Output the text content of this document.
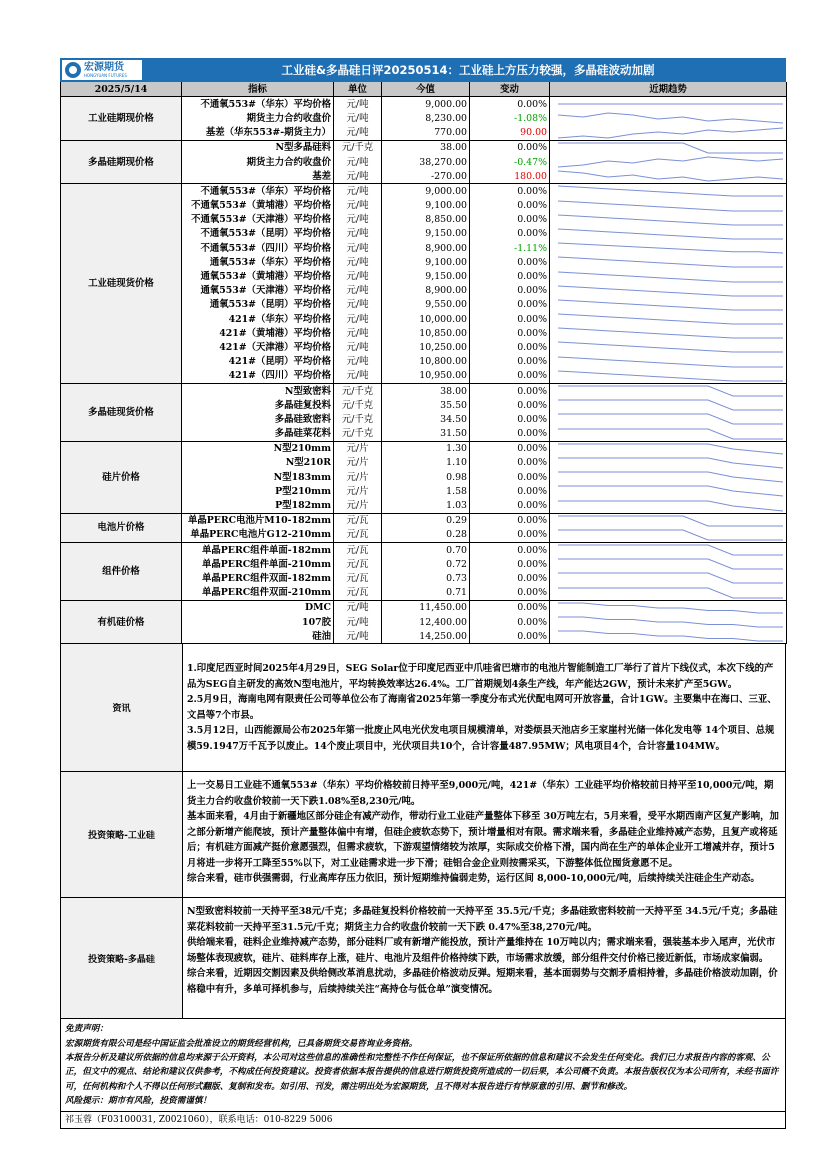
宏源期货
HONGYUAN FUTURES	工业硅&多晶硅日评20250514：工业硅上方压力较强，多晶硅波动加剧
2025/5/14	指标	单位	今值	变动	近期趋势
工业硅期现价格	不通氧553#（华东）平均价格	元/吨	9,000.00	0.00%	

	期货主力合约收盘价	元/吨	8,230.00	-1.08%	

	基差（华东553#-期货主力）	元/吨	770.00	90.00	

多晶硅期现价格	N型多晶硅料	元/千克	38.00	0.00%	

	期货主力合约收盘价	元/吨	38,270.00	-0.47%	

	基差	元/吨	-270.00	180.00	

工业硅现货价格	不通氧553#（华东）平均价格	元/吨	9,000.00	0.00%	

	不通氧553#（黄埔港）平均价格	元/吨	9,100.00	0.00%	

	不通氧553#（天津港）平均价格	元/吨	8,850.00	0.00%	

	不通氧553#（昆明）平均价格	元/吨	9,150.00	0.00%	

	不通氧553#（四川）平均价格	元/吨	8,900.00	-1.11%	

	通氧553#（华东）平均价格	元/吨	9,100.00	0.00%	

	通氧553#（黄埔港）平均价格	元/吨	9,150.00	0.00%	

	通氧553#（天津港）平均价格	元/吨	8,900.00	0.00%	

	通氧553#（昆明）平均价格	元/吨	9,550.00	0.00%	

	421#（华东）平均价格	元/吨	10,000.00	0.00%	

	421#（黄埔港）平均价格	元/吨	10,850.00	0.00%	

	421#（天津港）平均价格	元/吨	10,250.00	0.00%	

	421#（昆明）平均价格	元/吨	10,800.00	0.00%	

	421#（四川）平均价格	元/吨	10,950.00	0.00%	

多晶硅现货价格	N型致密料	元/千克	38.00	0.00%	

	多晶硅复投料	元/千克	35.50	0.00%	

	多晶硅致密料	元/千克	34.50	0.00%	

	多晶硅菜花料	元/千克	31.50	0.00%	

硅片价格	N型210mm	元/片	1.30	0.00%	

	N型210R	元/片	1.10	0.00%	

	N型183mm	元/片	0.98	0.00%	

	P型210mm	元/片	1.58	0.00%	

	P型182mm	元/片	1.03	0.00%	

电池片价格	单晶PERC电池片M10-182mm	元/瓦	0.29	0.00%	

	单晶PERC电池片G12-210mm	元/瓦	0.28	0.00%	

组件价格	单晶PERC组件单面-182mm	元/瓦	0.70	0.00%	

	单晶PERC组件单面-210mm	元/瓦	0.72	0.00%	

	单晶PERC组件双面-182mm	元/瓦	0.73	0.00%	

	单晶PERC组件双面-210mm	元/瓦	0.71	0.00%	

有机硅价格	DMC	元/吨	11,450.00	0.00%	

	107胶	元/吨	12,400.00	0.00%	

	硅油	元/吨	14,250.00	0.00%	
资讯

1.印度尼西亚时间2025年4月29日，SEG Solar位于印度尼西亚中爪哇省巴塘市的电池片智能制造工厂举行了首片下线仪式，本次下线的产品为SEG自主研发的高效N型电池片，平均转换效率达26.4%。工厂首期规划4条生产线，年产能达2GW，预计未来扩产至5GW。

2.5月9日，海南电网有限责任公司等单位公布了海南省2025年第一季度分布式光伏配电网可开放容量，合计1GW。主要集中在海口、三亚、文昌等7个市县。

3.5月12日，山西能源局公布2025年第一批废止风电光伏发电项目规模清单，对娄烦县天池店乡王家崖村光储一体化发电等 14个项目、总规模59.1947万千瓦予以废止。14个废止项目中，光伏项目共10个，合计容量487.95MW；风电项目4个，合计容量104MW。

投资策略-工业硅

上一交易日工业硅不通氧553#（华东）平均价格较前日持平至9,000元/吨，421#（华东）工业硅平均价格较前日持平至10,000元/吨，期货主力合约收盘价较前一天下跌1.08%至8,230元/吨。

基本面来看，4月由于新疆地区部分硅企有减产动作，带动行业工业硅产量整体下移至 30万吨左右，5月来看，受平水期西南产区复产影响，加之部分新增产能爬坡，预计产量整体偏中有增，但硅企疲软态势下，预计增量相对有限。需求端来看，多晶硅企业维持减产态势，且复产或将延后；有机硅方面减产挺价意愿强烈，但需求疲软，下游观望情绪较为浓厚，实际成交价格下滑，国内尚在生产的单体企业开工增减并存，预计5月将进一步将开工降至55%以下，对工业硅需求进一步下滑；硅铝合金企业则按需采买，下游整体低位囤货意愿不足。

综合来看，硅市供强需弱，行业高库存压力依旧，预计短期维持偏弱走势，运行区间 8,000-10,000元/吨，后续持续关注硅企生产动态。

投资策略-多晶硅

N型致密料较前一天持平至38元/千克；多晶硅复投料价格较前一天持平至 35.5元/千克；多晶硅致密料较前一天持平至 34.5元/千克；多晶硅菜花料较前一天持平至31.5元/千克；期货主力合约收盘价较前一天下跌 0.47%至38,270元/吨。

供给端来看，硅料企业维持减产态势，部分硅料厂或有新增产能投放，预计产量维持在 10万吨以内；需求端来看，强装基本步入尾声，光伏市场整体表现疲软，硅片、硅料库存上涨，硅片、电池片及组件价格持续下跌，市场需求放缓，部分组件交付价格已接近新低，市场成家偏弱。

综合来看，近期因交割因素及供给侧改革消息扰动，多晶硅价格波动反弹。短期来看，基本面弱势与交割矛盾相持着，多晶硅价格波动加剧，价格稳中有升，多单可择机参与，后续持续关注“高持仓与低仓单”演变情况。

免责声明：
宏源期货有限公司是经中国证监会批准设立的期货经营机构，已具备期货交易咨询业务资格。
本报告分析及建议所依据的信息均来源于公开资料，本公司对这些信息的准确性和完整性不作任何保证，也不保证所依据的信息和建议不会发生任何变化。我们已力求报告内容的客观、公正，但文中的观点、结论和建议仅供参考，不构成任何投资建议。投资者依据本报告提供的信息进行期货投资所造成的一切后果，本公司概不负责。本报告版权仅为本公司所有，未经书面许可，任何机构和个人不得以任何形式翻版、复制和发布。如引用、刊发，需注明出处为宏源期货，且不得对本报告进行有悖原意的引用、删节和修改。
风险提示：期市有风险，投资需谨慎！
祁玉蓉（F03100031, Z0021060），联系电话：010-8229 5006
